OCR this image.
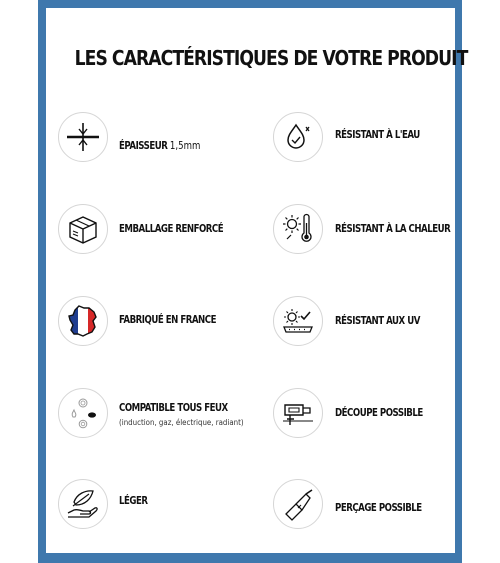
LES CARACTÉRISTIQUES DE VOTRE PRODUIT
ÉPAISSEUR 1,5mm
RÉSISTANT À L'EAU
EMBALLAGE RENFORCÉ	RÉSISTANT À LA CHALEUR
FABRIQUÉ EN FRANCE	RÉSISTANT AUX UV
COMPATIBLE TOUS FEUX
(induction, gaz, électrique, radiant)
DÉCOUPE POSSIBLE
LÉGER
PERÇAGE POSSIBLE
